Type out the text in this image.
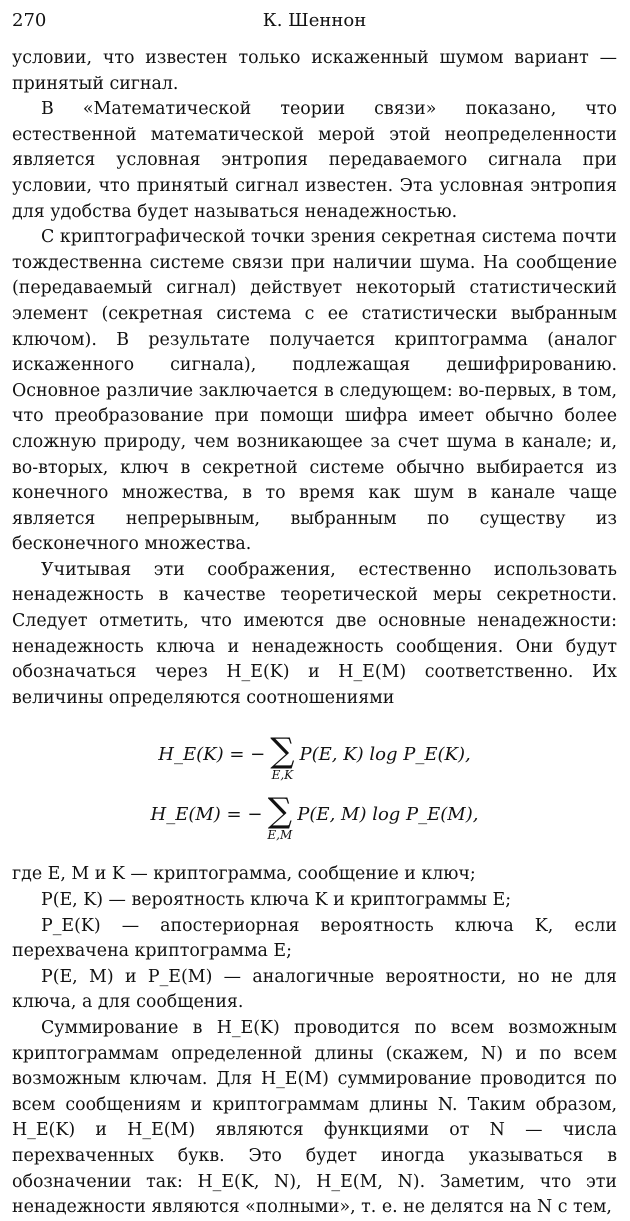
270	К. Шеннон

условии, что известен только искаженный шумом вариант — принятый сигнал.

В «Математической теории связи» показано, что естественной математической мерой этой неопределенности является условная энтропия передаваемого сигнала при условии, что принятый сигнал известен. Эта условная энтропия для удобства будет называться ненадежностью.

С криптографической точки зрения секретная система почти тождественна системе связи при наличии шума. На сообщение (передаваемый сигнал) действует некоторый статистический элемент (секретная система с ее статистически выбранным ключом). В результате получается криптограмма (аналог искаженного сигнала), подлежащая дешифрированию. Основное различие заключается в следующем: во-первых, в том, что преобразование при помощи шифра имеет обычно более сложную природу, чем возникающее за счет шума в канале; и, во-вторых, ключ в секретной системе обычно выбирается из конечного множества, в то время как шум в канале чаще является непрерывным, выбранным по существу из бесконечного множества.

Учитывая эти соображения, естественно использовать ненадежность в качестве теоретической меры секретности. Следует отметить, что имеются две основные ненадежности: ненадежность ключа и ненадежность сообщения. Они будут обозначаться через H_E(K) и H_E(M) соответственно. Их величины определяются соотношениями

H_E(K) = − ∑
E,K
P(E, K) log P_E(K),
H_E(M) = − ∑
E,M
P(E, M) log P_E(M),

где E, M и K — криптограмма, сообщение и ключ;

P(E, K) — вероятность ключа K и криптограммы E;

P_E(K) — апостериорная вероятность ключа K, если перехвачена криптограмма E;

P(E, M) и P_E(M) — аналогичные вероятности, но не для ключа, а для сообщения.

Суммирование в H_E(K) проводится по всем возможным криптограммам определенной длины (скажем, N) и по всем возможным ключам. Для H_E(M) суммирование проводится по всем сообщениям и криптограммам длины N. Таким образом, H_E(K) и H_E(M) являются функциями от N — числа перехваченных букв. Это будет иногда указываться в обозначении так: H_E(K, N), H_E(M, N). Заметим, что эти ненадежности являются «полными», т. е. не делятся на N с тем,
